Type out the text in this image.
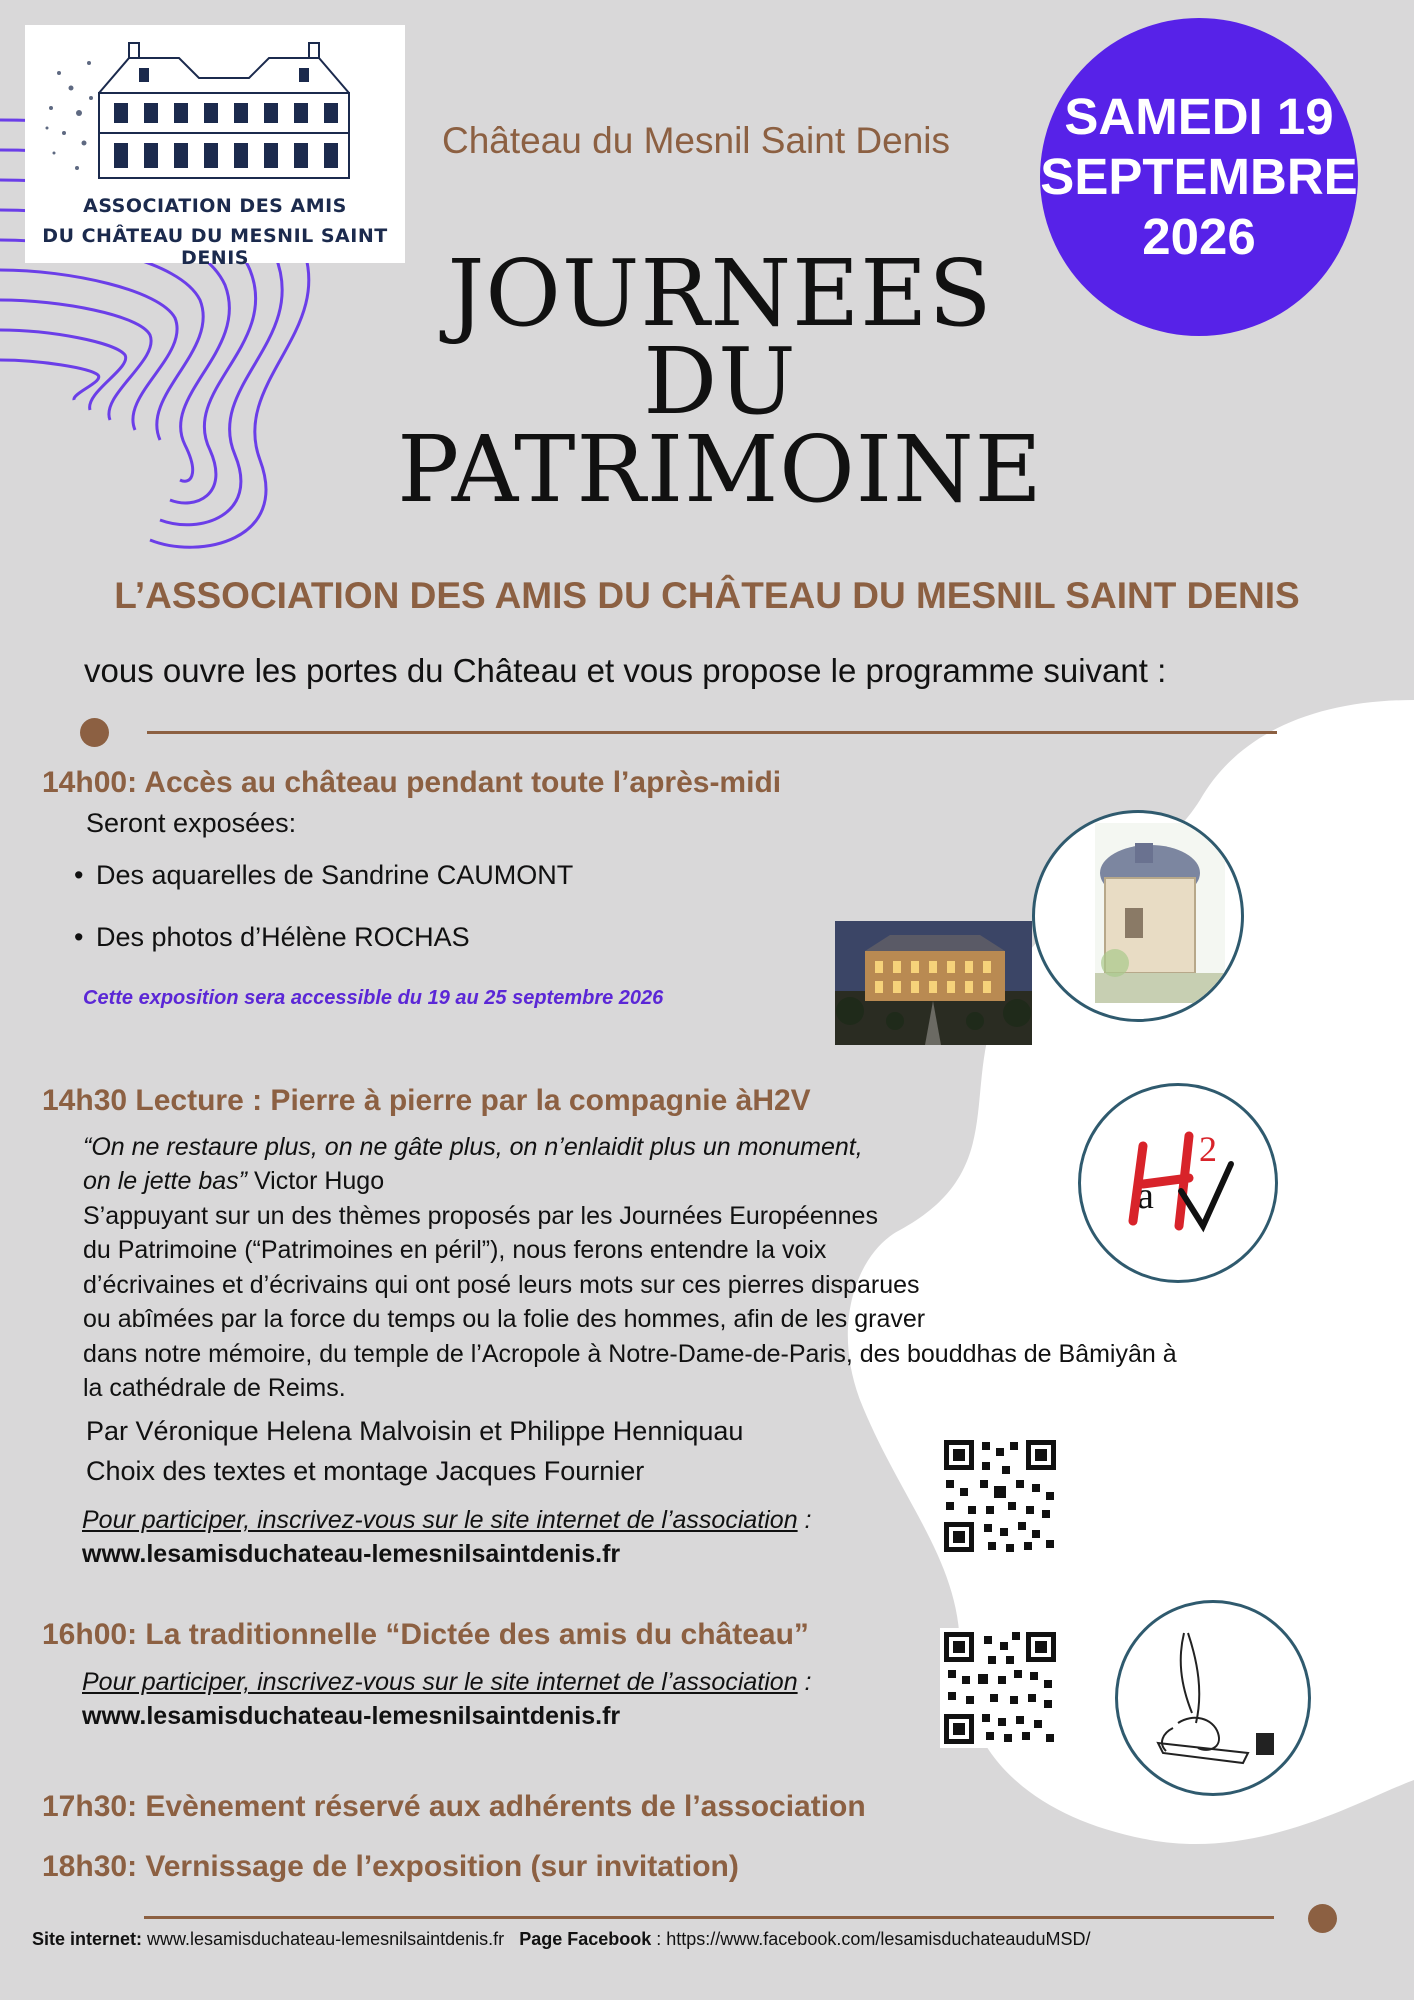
ASSOCIATION DES AMIS
DU CHÂTEAU DU MESNIL SAINT DENIS
Château du Mesnil Saint Denis SAMEDI 19
SEPTEMBRE
2026
JOURNEES
DU
PATRIMOINE
L’ASSOCIATION DES AMIS DU CHÂTEAU DU MESNIL SAINT DENIS
vous ouvre les portes du Château et vous propose le programme suivant :
14h00: Accès au château pendant toute l’après-midi
Seront exposées:
• Des aquarelles de Sandrine CAUMONT
• Des photos d’Hélène ROCHAS
Cette exposition sera accessible du 19 au 25 septembre 2026
14h30 Lecture : Pierre à pierre par la compagnie àH2V
“On ne restaure plus, on ne gâte plus, on n’enlaidit plus un monument,
on le jette bas” Victor Hugo
S’appuyant sur un des thèmes proposés par les Journées Européennes
du Patrimoine (“Patrimoines en péril”), nous ferons entendre la voix
d’écrivaines et d’écrivains qui ont posé leurs mots sur ces pierres disparues
ou abîmées par la force du temps ou la folie des hommes, afin de les graver
dans notre mémoire, du temple de l’Acropole à Notre-Dame-de-Paris, des bouddhas de Bâmiyân à
la cathédrale de Reims.
Par Véronique Helena Malvoisin et Philippe Henniquau
Choix des textes et montage Jacques Fournier
Pour participer, inscrivez-vous sur le site internet de l’association :
www.lesamisduchateau-lemesnilsaintdenis.fr
à
2
16h00: La traditionnelle “Dictée des amis du château”
Pour participer, inscrivez-vous sur le site internet de l’association :
www.lesamisduchateau-lemesnilsaintdenis.fr
17h30: Evènement réservé aux adhérents de l’association
18h30: Vernissage de l’exposition (sur invitation)
Site internet: www.lesamisduchateau-lemesnilsaintdenis.fr Page Facebook : https://www.facebook.com/lesamisduchateauduMSD/
